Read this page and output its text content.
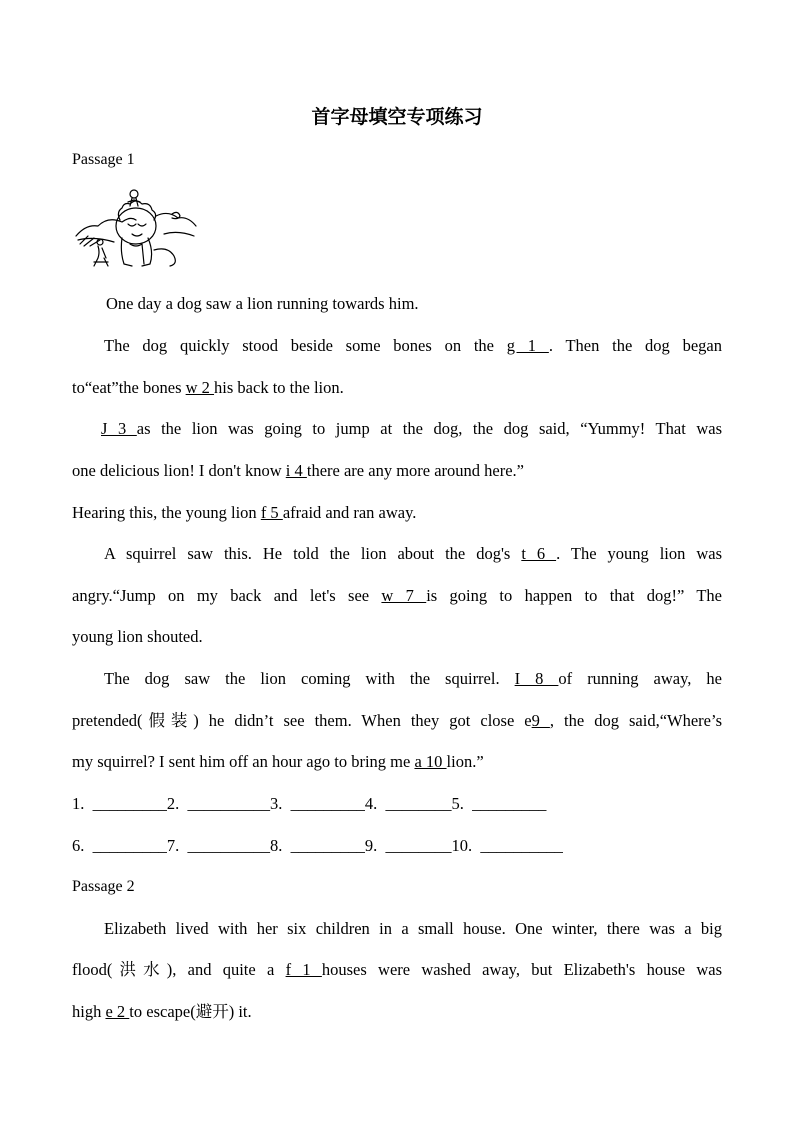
首字母填空专项练习
Passage 1
One day a dog saw a lion running towards him.
The dog quickly stood beside some bones on the g 1 . Then the dog began
to“eat”the bones w 2 his back to the lion.
J 3 as the lion was going to jump at the dog, the dog said, “Yummy! That was
one delicious lion! I don't know i 4 there are any more around here.”
Hearing this, the young lion f 5 afraid and ran away.
A squirrel saw this. He told the lion about the dog's t 6 . The young lion was
angry.“Jump on my back and let's see w 7 is going to happen to that dog!” The
young lion shouted.
The dog saw the lion coming with the squirrel. I 8 of running away, he
pretended(假装) he didn’t see them. When they got close e9 , the dog said,“Where’s
my squirrel? I sent him off an hour ago to bring me a 10 lion.”
1.  _________2.  __________3.  _________4.  ________5.  _________
6.  _________7.  __________8.  _________9.  ________10.  __________
Passage 2
Elizabeth lived with her six children in a small house. One winter, there was a big
flood(洪水), and quite a f 1 houses were washed away, but Elizabeth's house was
high e 2 to escape(避开) it.
